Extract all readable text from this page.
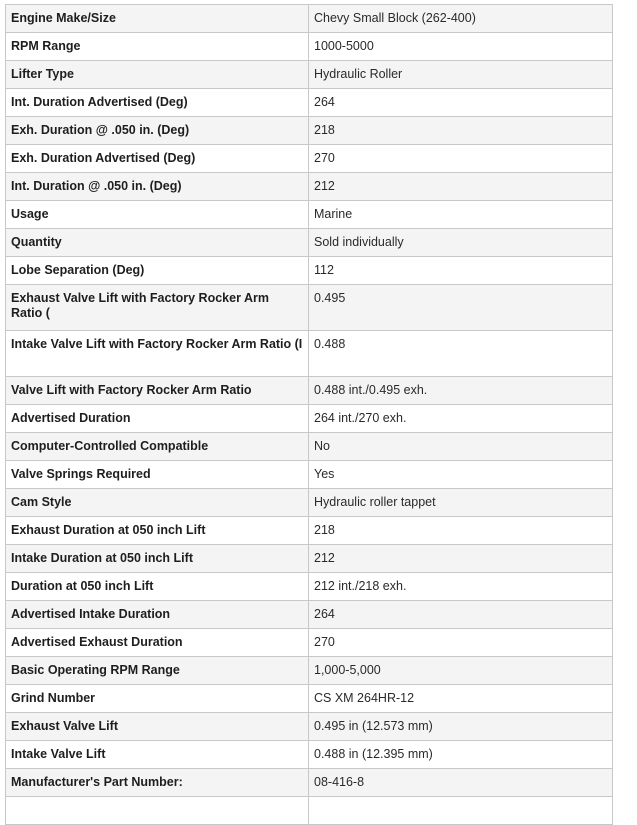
Engine Make/Size	Chevy Small Block (262-400)
RPM Range	1000-5000
Lifter Type	Hydraulic Roller
Int. Duration Advertised (Deg)	264
Exh. Duration @ .050 in. (Deg)	218
Exh. Duration Advertised (Deg)	270
Int. Duration @ .050 in. (Deg)	212
Usage	Marine
Quantity	Sold individually
Lobe Separation (Deg)	112
Exhaust Valve Lift with Factory Rocker Arm Ratio (	0.495
Intake Valve Lift with Factory Rocker Arm Ratio (I	0.488
Valve Lift with Factory Rocker Arm Ratio	0.488 int./0.495 exh.
Advertised Duration	264 int./270 exh.
Computer-Controlled Compatible	No
Valve Springs Required	Yes
Cam Style	Hydraulic roller tappet
Exhaust Duration at 050 inch Lift	218
Intake Duration at 050 inch Lift	212
Duration at 050 inch Lift	212 int./218 exh.
Advertised Intake Duration	264
Advertised Exhaust Duration	270
Basic Operating RPM Range	1,000-5,000
Grind Number	CS XM 264HR-12
Exhaust Valve Lift	0.495 in (12.573 mm)
Intake Valve Lift	0.488 in (12.395 mm)
Manufacturer's Part Number:	08-416-8
